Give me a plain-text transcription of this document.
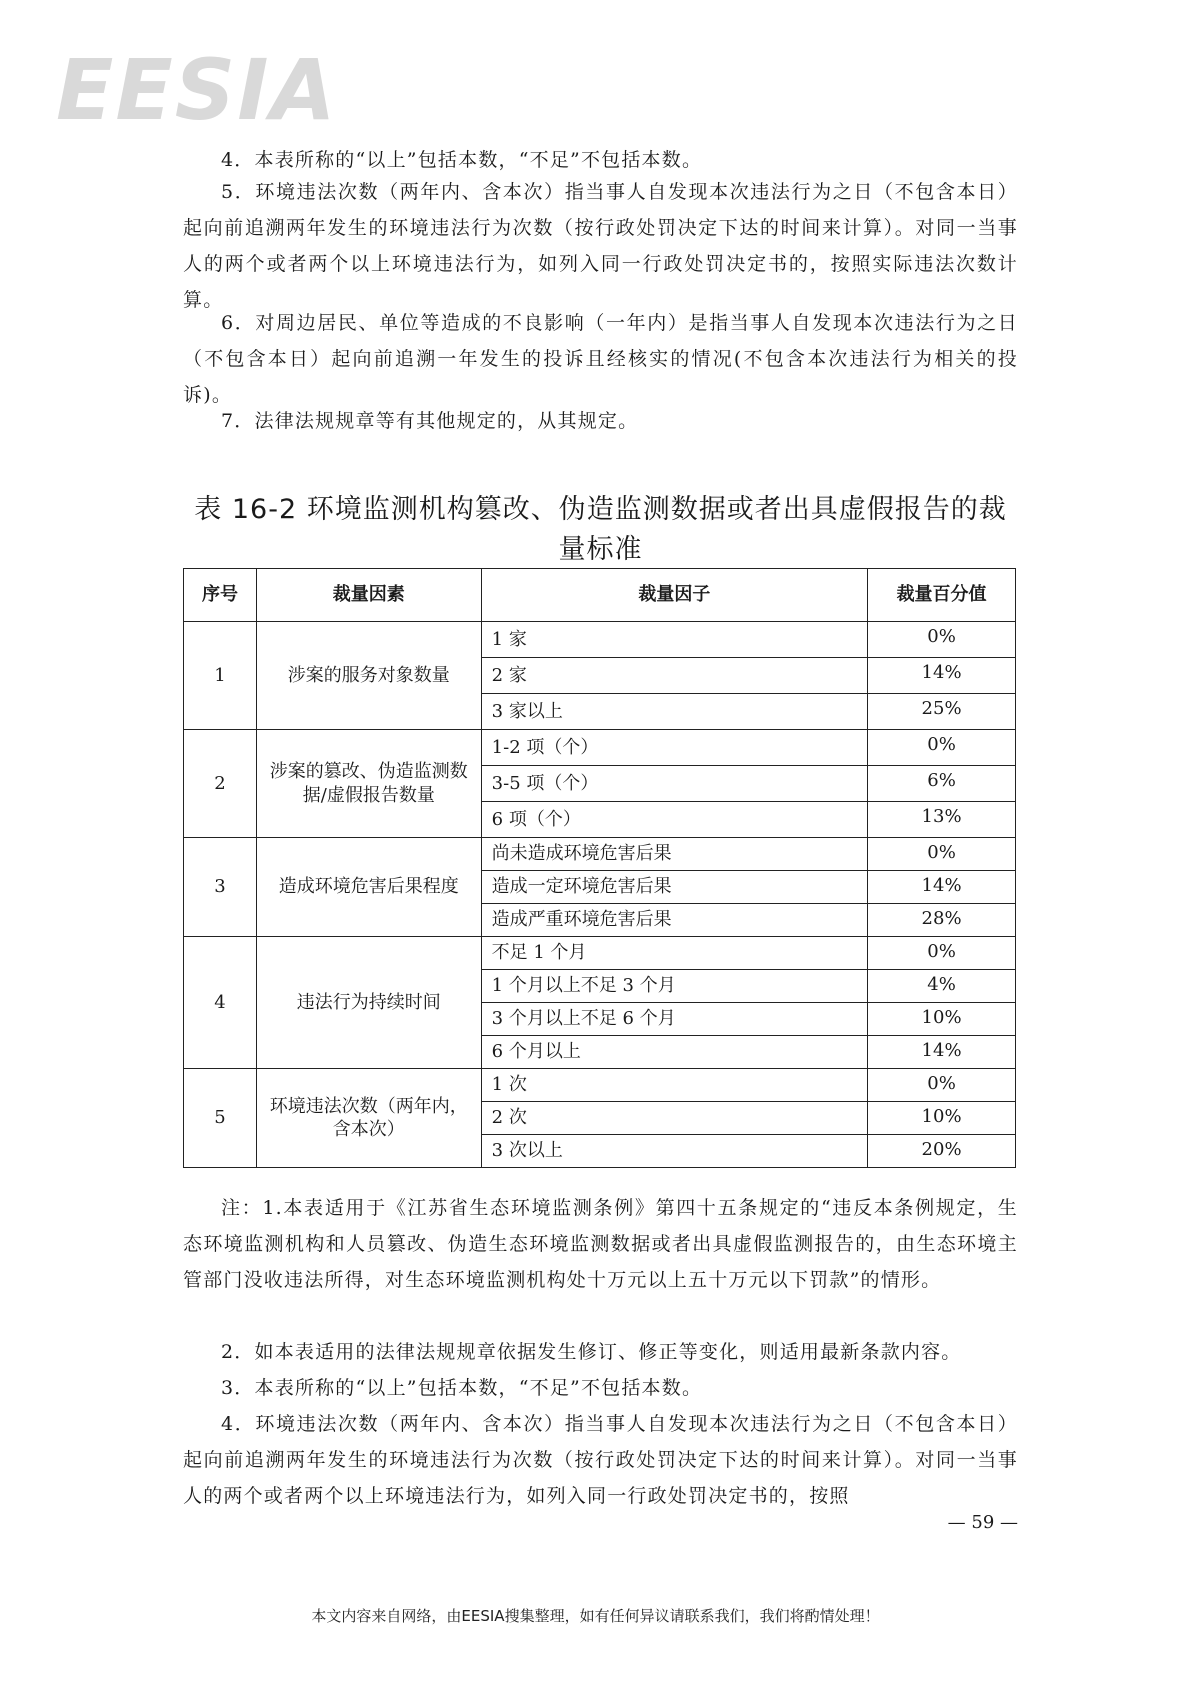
EESIA

4．本表所称的“以上”包括本数，“不足”不包括本数。

5．环境违法次数（两年内、含本次）指当事人自发现本次违法行为之日（不包含本日）起向前追溯两年发生的环境违法行为次数（按行政处罚决定下达的时间来计算）。对同一当事人的两个或者两个以上环境违法行为，如列入同一行政处罚决定书的，按照实际违法次数计算。

6．对周边居民、单位等造成的不良影响（一年内）是指当事人自发现本次违法行为之日（不包含本日）起向前追溯一年发生的投诉且经核实的情况(不包含本次违法行为相关的投诉)。

7．法律法规规章等有其他规定的，从其规定。

表 16-2 环境监测机构篡改、伪造监测数据或者出具虚假报告的裁量标准
序号	裁量因素	裁量因子	裁量百分值
1	涉案的服务对象数量	1 家	0%
		2 家	14%
		3 家以上	25%
2	涉案的篡改、伪造监测数据/虚假报告数量	1-2 项（个）	0%
		3-5 项（个）	6%
		6 项（个）	13%
3	造成环境危害后果程度	尚未造成环境危害后果	0%
		造成一定环境危害后果	14%
		造成严重环境危害后果	28%
4	违法行为持续时间	不足 1 个月	0%
		1 个月以上不足 3 个月	4%
		3 个月以上不足 6 个月	10%
		6 个月以上	14%
5	环境违法次数（两年内，含本次）	1 次	0%
		2 次	10%
		3 次以上	20%

注：1.本表适用于《江苏省生态环境监测条例》第四十五条规定的“违反本条例规定，生态环境监测机构和人员篡改、伪造生态环境监测数据或者出具虚假监测报告的，由生态环境主管部门没收违法所得，对生态环境监测机构处十万元以上五十万元以下罚款”的情形。

2．如本表适用的法律法规规章依据发生修订、修正等变化，则适用最新条款内容。

3．本表所称的“以上”包括本数，“不足”不包括本数。

4．环境违法次数（两年内、含本次）指当事人自发现本次违法行为之日（不包含本日）起向前追溯两年发生的环境违法行为次数（按行政处罚决定下达的时间来计算）。对同一当事人的两个或者两个以上环境违法行为，如列入同一行政处罚决定书的，按照

— 59 —
本文内容来自网络，由EESIA搜集整理，如有任何异议请联系我们，我们将酌情处理！
